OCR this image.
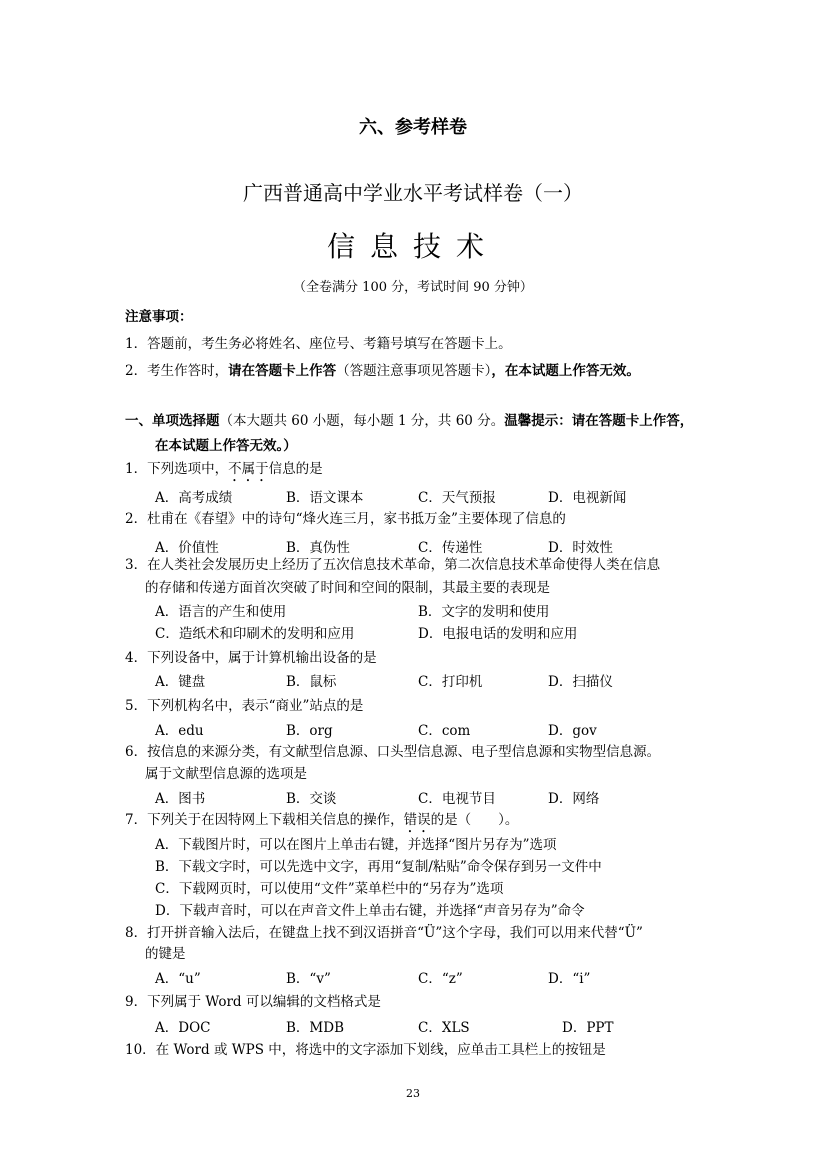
六、参考样卷
广西普通高中学业水平考试样卷（一）
信息技术
（全卷满分 100 分，考试时间 90 分钟）
注意事项：
1．答题前，考生务必将姓名、座位号、考籍号填写在答题卡上。
2．考生作答时，请在答题卡上作答（答题注意事项见答题卡），在本试题上作答无效。
一、单项选择题（本大题共 60 小题，每小题 1 分，共 60 分。温馨提示：请在答题卡上作答，
在本试题上作答无效。）
1．下列选项中，不属于信息的是
A．高考成绩	B．语文课本	C．天气预报	D．电视新闻
2．杜甫在《春望》中的诗句“烽火连三月，家书抵万金”主要体现了信息的
A．价值性	B．真伪性	C．传递性	D．时效性
3．在人类社会发展历史上经历了五次信息技术革命，第二次信息技术革命使得人类在信息
的存储和传递方面首次突破了时间和空间的限制，其最主要的表现是
A．语言的产生和使用	B．文字的发明和使用
C．造纸术和印刷术的发明和应用	D．电报电话的发明和应用
4．下列设备中，属于计算机输出设备的是
A．键盘	B．鼠标	C．打印机	D．扫描仪
5．下列机构名中，表示“商业”站点的是
A．edu	B．org	C．com	D．gov
6．按信息的来源分类，有文献型信息源、口头型信息源、电子型信息源和实物型信息源。
属于文献型信息源的选项是
A．图书	B．交谈	C．电视节目	D．网络
7．下列关于在因特网上下载相关信息的操作，错误的是（　　）。
A．下载图片时，可以在图片上单击右键，并选择“图片另存为”选项
B．下载文字时，可以先选中文字，再用“复制/粘贴”命令保存到另一文件中
C．下载网页时，可以使用“文件”菜单栏中的“另存为”选项
D．下载声音时，可以在声音文件上单击右键，并选择“声音另存为”命令
8．打开拼音输入法后，在键盘上找不到汉语拼音“Ü”这个字母，我们可以用来代替“Ü”
的键是
A．“u”	B．“v”	C．“z”	D．“i”
9．下列属于 Word 可以编辑的文档格式是
A．DOC	B．MDB	C．XLS	D．PPT
10．在 Word 或 WPS 中，将选中的文字添加下划线，应单击工具栏上的按钮是
23
